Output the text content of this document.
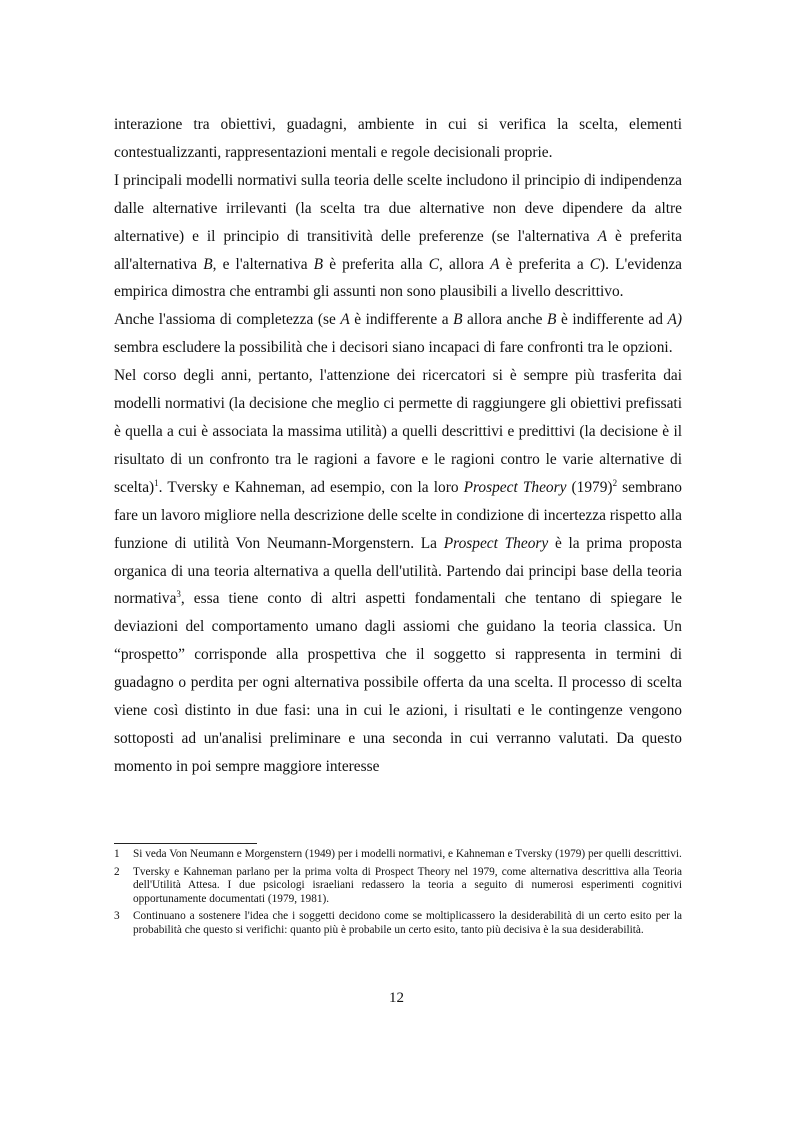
interazione tra obiettivi, guadagni, ambiente in cui si verifica la scelta, elementi contestualizzanti, rappresentazioni mentali e regole decisionali proprie.

I principali modelli normativi sulla teoria delle scelte includono il principio di indipendenza dalle alternative irrilevanti (la scelta tra due alternative non deve dipendere da altre alternative) e il principio di transitività delle preferenze (se l'alternativa A è preferita all'alternativa B, e l'alternativa B è preferita alla C, allora A è preferita a C). L'evidenza empirica dimostra che entrambi gli assunti non sono plausibili a livello descrittivo.

Anche l'assioma di completezza (se A è indifferente a B allora anche B è indifferente ad A) sembra escludere la possibilità che i decisori siano incapaci di fare confronti tra le opzioni.

Nel corso degli anni, pertanto, l'attenzione dei ricercatori si è sempre più trasferita dai modelli normativi (la decisione che meglio ci permette di raggiungere gli obiettivi prefissati è quella a cui è associata la massima utilità) a quelli descrittivi e predittivi (la decisione è il risultato di un confronto tra le ragioni a favore e le ragioni contro le varie alternative di scelta)$^1$. Tversky e Kahneman, ad esempio, con la loro Prospect Theory (1979)$^2$ sembrano fare un lavoro migliore nella descrizione delle scelte in condizione di incertezza rispetto alla funzione di utilità Von Neumann-Morgenstern. La Prospect Theory è la prima proposta organica di una teoria alternativa a quella dell'utilità. Partendo dai principi base della teoria normativa$^3$, essa tiene conto di altri aspetti fondamentali che tentano di spiegare le deviazioni del comportamento umano dagli assiomi che guidano la teoria classica. Un “prospetto” corrisponde alla prospettiva che il soggetto si rappresenta in termini di guadagno o perdita per ogni alternativa possibile offerta da una scelta. Il processo di scelta viene così distinto in due fasi: una in cui le azioni, i risultati e le contingenze vengono sottoposti ad un'analisi preliminare e una seconda in cui verranno valutati. Da questo momento in poi sempre maggiore interesse

1	Si veda Von Neumann e Morgenstern (1949) per i modelli normativi, e Kahneman e Tversky (1979) per quelli descrittivi.
2	Tversky e Kahneman parlano per la prima volta di Prospect Theory nel 1979, come alternativa descrittiva alla Teoria dell'Utilità Attesa. I due psicologi israeliani redassero la teoria a seguito di numerosi esperimenti cognitivi opportunamente documentati (1979, 1981).
3	Continuano a sostenere l'idea che i soggetti decidono come se moltiplicassero la desiderabilità di un certo esito per la probabilità che questo si verifichi: quanto più è probabile un certo esito, tanto più decisiva è la sua desiderabilità.
12
